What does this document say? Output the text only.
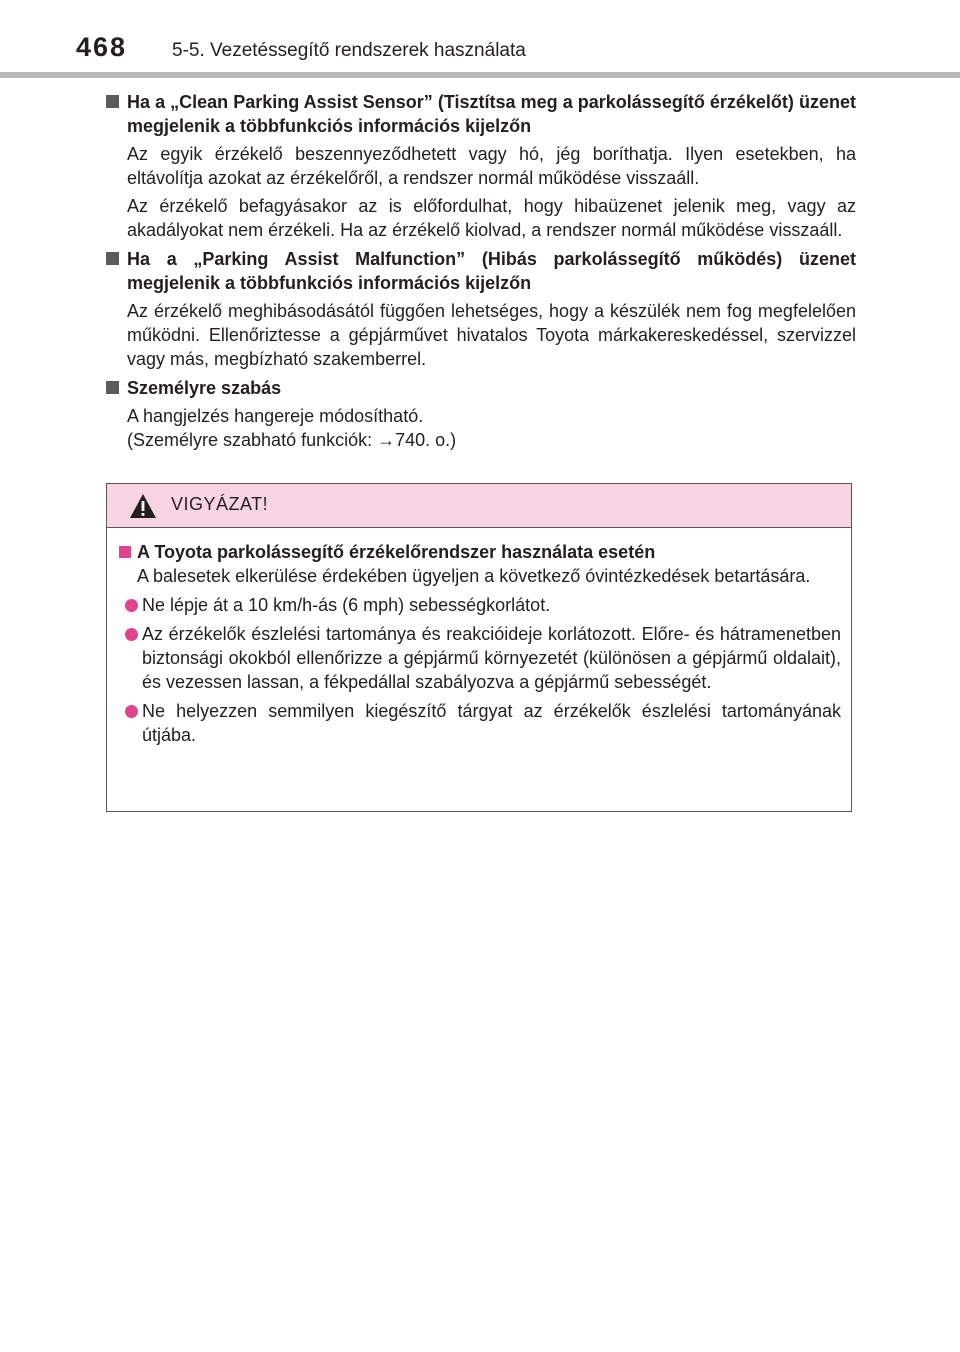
468 5-5. Vezetéssegítő rendszerek használata
Ha a „Clean Parking Assist Sensor” (Tisztítsa meg a parkolássegítő érzékelőt) üzenet megjelenik a többfunkciós információs kijelzőn
Az egyik érzékelő beszennyeződhetett vagy hó, jég boríthatja. Ilyen esetekben, ha eltávolítja azokat az érzékelőről, a rendszer normál működése visszaáll.
Az érzékelő befagyásakor az is előfordulhat, hogy hibaüzenet jelenik meg, vagy az akadályokat nem érzékeli. Ha az érzékelő kiolvad, a rendszer normál működése visszaáll.
Ha a „Parking Assist Malfunction” (Hibás parkolássegítő működés) üzenet megjelenik a többfunkciós információs kijelzőn
Az érzékelő meghibásodásától függően lehetséges, hogy a készülék nem fog megfelelően működni. Ellenőriztesse a gépjárművet hivatalos Toyota márkakereskedéssel, szervizzel vagy más, megbízható szakemberrel.
Személyre szabás
A hangjelzés hangereje módosítható.
(Személyre szabható funkciók: →740. o.)
VIGYÁZAT!
A Toyota parkolássegítő érzékelőrendszer használata esetén
A balesetek elkerülése érdekében ügyeljen a következő óvintézkedések betartására.
Ne lépje át a 10 km/h-ás (6 mph) sebességkorlátot.
Az érzékelők észlelési tartománya és reakcióideje korlátozott. Előre- és hátramenetben biztonsági okokból ellenőrizze a gépjármű környezetét (különösen a gépjármű oldalait), és vezessen lassan, a fékpedállal szabályozva a gépjármű sebességét.
Ne helyezzen semmilyen kiegészítő tárgyat az érzékelők észlelési tartományának útjába.
